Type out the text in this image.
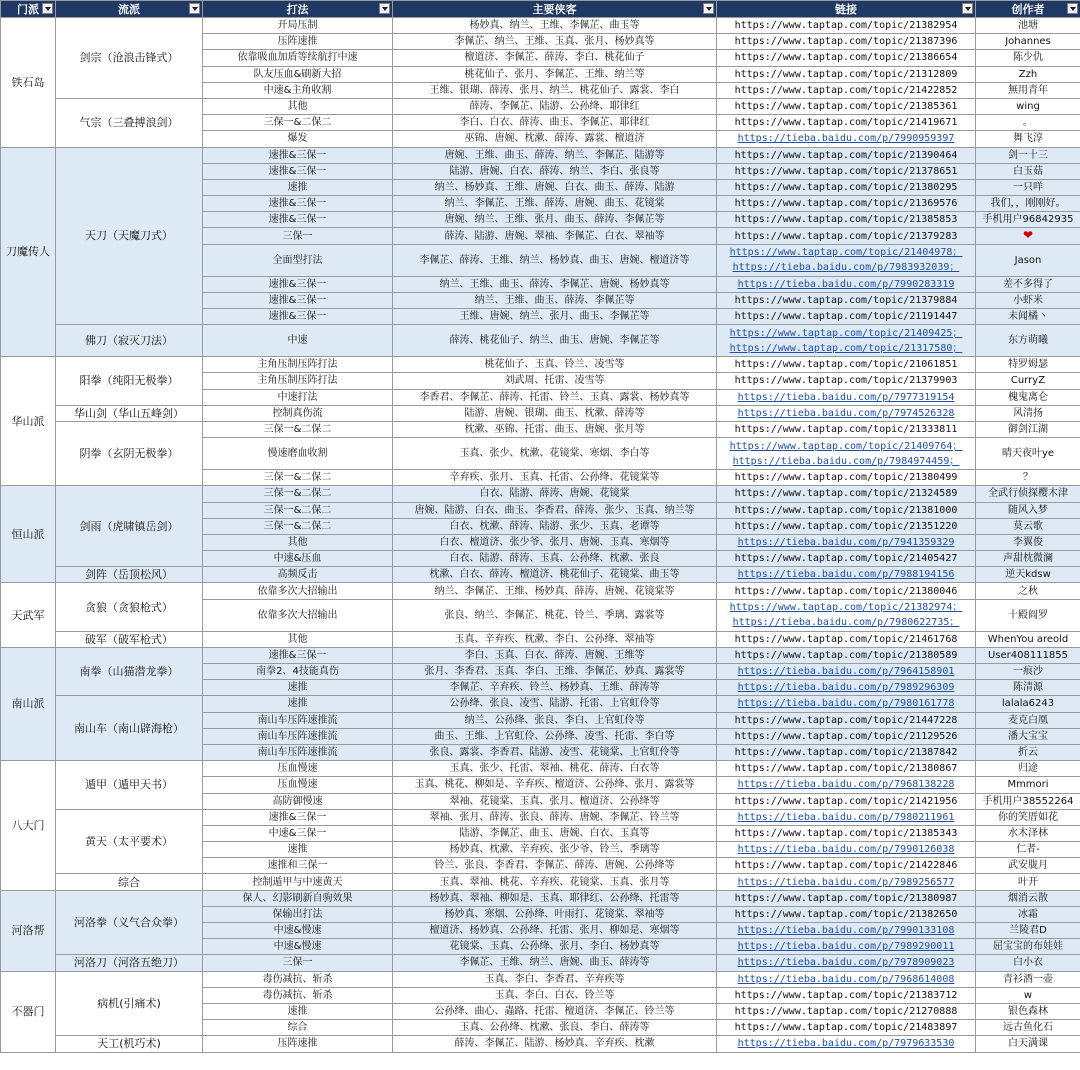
门派	流派	打法	主要侠客	链接	创作者

铁石岛	剑宗（沧浪击锋式）	开局压制	杨妙真、纳兰、王维、李佩芷、曲玉等	https://www.taptap.com/topic/21382954	池塘
		压阵速推	李佩芷、纳兰、王维、玉真、张月、杨妙真等	https://www.taptap.com/topic/21387396	Johannes
		依靠吸血加盾等续航打中速	檀道济、李佩芷、薛涛、李白、桃花仙子	https://www.taptap.com/topic/21386654	陈少仇
		队友压血&刷新大招	桃花仙子、张月、李佩芷、王维、纳兰等	https://www.taptap.com/topic/21312809	Zzh
		中速&主角收割	王维、银瑚、薛涛、张月、纳兰、桃花仙子、露裳、李白	https://www.taptap.com/topic/21422852	無用青年
	气宗（三叠搏浪剑）	其他	薛涛、李佩芷、陆游、公孙绛、耶律红	https://www.taptap.com/topic/21385361	wing
		三保一&二保二	李白、白衣、薛涛、曲玉、李佩芷、耶律红	https://www.taptap.com/topic/21419671	。
		爆发	巫锦、唐婉、枕漱、薛涛、露裳、檀道济	https://tieba.baidu.com/p/7990959397	舞飞淳
刀魔传人	天刀（天魔刀式）	速推&三保一	唐婉、王维、曲玉、薛涛、纳兰、李佩芷、陆游等	https://www.taptap.com/topic/21390464	剑一十三
		速推&三保一	陆游、唐婉、白衣、薛涛、纳兰、李白、张良等	https://www.taptap.com/topic/21378651	白玉菇
		速推	纳兰、杨妙真、王维、唐婉、白衣、曲玉、薛涛、陆游	https://www.taptap.com/topic/21380295	一只咩
		速推&三保一	纳兰、李佩芷、王维、薛涛、唐婉、曲玉、花镜棠	https://www.taptap.com/topic/21369576	我们，，刚刚好。
		速推&三保一	唐婉、纳兰、王维、张月、曲玉、薛涛、李佩芷等	https://www.taptap.com/topic/21385853	手机用户96842935
		三保一	薛涛、陆游、唐婉、翠袖、李佩芷、白衣、翠袖等	https://www.taptap.com/topic/21379283	❤
		全面型打法	李佩芷、薛涛、王维、纳兰、杨妙真、曲玉、唐婉、檀道济等	https://www.taptap.com/topic/21404978；
https://tieba.baidu.com/p/7983932039；	Jason
		速推&三保一	纳兰、王维、曲玉、薛涛、李佩芷、唐婉、杨妙真等	https://tieba.baidu.com/p/7990283319	差不多得了
		速推&三保一	纳兰、王维、曲玉、薛涛、李佩芷等	https://www.taptap.com/topic/21379884	小虾米
		速推&三保一	王维、唐婉、纳兰、张月、曲玉、李佩芷等	https://www.taptap.com/topic/21191447	未闻橘丶
	佛刀（寂灭刀法）	中速	薛涛、桃花仙子、纳兰、曲玉、唐婉、李佩芷等	https://www.taptap.com/topic/21409425；
https://www.taptap.com/topic/21317580；	东方萌曦
华山派	阳拳（纯阳无极拳）	主角压制压阵打法	桃花仙子、玉真、铃兰、凌雪等	https://www.taptap.com/topic/21061851	特罗姆瑟
		主角压制压阵打法	刘武周、托雷、凌雪等	https://www.taptap.com/topic/21379903	CurryZ
		中速打法	李香君、李佩芷、薛涛、托雷、铃兰、玉真、露裳、杨妙真等	https://tieba.baidu.com/p/7977319154	槐鬼离仑
	华山剑（华山五峰剑）	控制真伤流	陆游、唐婉、银瑚、曲玉、枕漱、薛涛等	https://tieba.baidu.com/p/7974526328	风清扬
	阴拳（玄阴无极拳）	三保一&二保二	枕漱、巫锦、托雷、曲玉、唐婉、张月等	https://www.taptap.com/topic/21333811	御剑江湖
		慢速磨血收割	玉真、张少、枕漱、花镜棠、寒烟、李白等	https://www.taptap.com/topic/21409764；
https://tieba.baidu.com/p/7984974459；	晴天夜叶ye
		三保一&二保二	辛弃疾、张月、玉真、托雷、公孙绛、花镜棠等	https://www.taptap.com/topic/21380499	？
恒山派	剑雨（虎啸镇岳剑）	三保一&二保二	白衣、陆游、薛涛、唐婉、花镜棠	https://www.taptap.com/topic/21324589	全武行侦探樱木津
		三保一&二保二	唐婉、陆游、白衣、曲玉、李香君、薛涛、张少、玉真、纳兰等	https://www.taptap.com/topic/21381000	随风入梦
		三保一&二保二	白衣、枕漱、薛涛、陆游、张少、玉真、老谭等	https://www.taptap.com/topic/21351220	莫云歌
		其他	白衣、檀道济、张少爷、张月、唐婉、玉真、寒烟等	https://tieba.baidu.com/p/7941359329	李翼俊
		中速&压血	白衣、陆游、薛涛、玉真、公孙绛、枕漱、张良	https://www.taptap.com/topic/21405427	声甜枕微澜
	剑阵（岳顶松风）	高频反击	枕漱、白衣、薛涛、檀道济、桃花仙子、花镜棠、曲玉等	https://tieba.baidu.com/p/7988194156	逆天kdsw
天武军	贪狼（贪狼枪式）	依靠多次大招输出	纳兰、李佩芷、王维、杨妙真、薛涛、唐婉、花镜棠等	https://www.taptap.com/topic/21380046	之秋
		依靠多次大招输出	张良、纳兰、李佩芷、桃花、铃兰、季璃、露裳等	https://www.taptap.com/topic/21382974；
https://tieba.baidu.com/p/7980622735；	十殿阎罗
	破军（破军枪式）	其他	玉真、辛弃疾、枕漱、李白、公孙绛、翠袖等	https://www.taptap.com/topic/21461768	WhenYou areold
南山派	南拳（山猫潜龙拳）	速推&三保一	李白、玉真、白衣、薛涛、唐婉、王维等	https://www.taptap.com/topic/21380589	User408111855
		南拳2、4技能真伤	张月、李香君、玉真、李白、王维、李佩芷、妙真、露裳等	https://tieba.baidu.com/p/7964158901	一痕沙
		速推	李佩芷、辛弃疾、铃兰、杨妙真、王维、薛涛等	https://tieba.baidu.com/p/7989296309	陈清源
	南山车（南山辟海枪）	速推	公孙绛、张良、凌雪、陆游、托雷、上官虹伶等	https://tieba.baidu.com/p/7980161778	lalala6243
		南山车压阵速推流	纳兰、公孙绛、张良、李白、上官虹伶等	https://www.taptap.com/topic/21447228	麦克白凰
		南山车压阵速推流	曲玉、王维、上官虹伶、公孙绛、凌雪、托雷、李白等	https://www.taptap.com/topic/21129526	潘大宝宝
		南山车压阵速推流	张良、露裳、李香君、陆游、凌雪、花镜棠、上官虹伶等	https://www.taptap.com/topic/21387842	折云
八大门	遁甲（遁甲天书）	压血慢速	玉真、张少、托雷、翠袖、桃花、薛涛、白衣等	https://www.taptap.com/topic/21380867	归途
		压血慢速	玉真、桃花、柳如是、辛弃疾、檀道济、公孙绛、张月、露裳等	https://tieba.baidu.com/p/7968138228	Mmmori
		高防御慢速	翠袖、花镜棠、玉真、张月、檀道济、公孙绛等	https://www.taptap.com/topic/21421956	手机用户38552264
	黄天（太平要术）	速推&三保一	翠袖、张月、薛涛、张良、薛涛、唐婉、李佩芷、铃兰等	https://tieba.baidu.com/p/7980211961	你的笑厝如花
		中速&三保一	陆游、李佩芷、曲玉、唐婉、白衣、玉真等	https://www.taptap.com/topic/21385343	水木泽林
		速推	杨妙真、枕漱、辛弃疾、张少爷、铃兰、季璃等	https://tieba.baidu.com/p/7990126038	仁者-
		速推和三保一	铃兰、张良、李香君、李佩芷、薛涛、唐婉、公孙绛等	https://www.taptap.com/topic/21422846	武安胧月
	综合	控制遁甲与中速黄天	玉真、翠袖、桃花、辛弃疾、花镜棠、玉真、张月等	https://tieba.baidu.com/p/7989256577	叶开
河洛帮	河洛拳（义气合众拳）	保人、幻影刷新自驹效果	杨妙真、翠袖、柳如是、玉真、耶律红、公孙绛、托雷等	https://www.taptap.com/topic/21380987	烟消云散
		保输出打法	杨妙真、寒烟、公孙绛、叶雨打、花镜棠、翠袖等	https://www.taptap.com/topic/21382650	冰霜
		中速&慢速	檀道济、杨妙真、公孙绛、托雷、张月、柳如是、寒烟等	https://tieba.baidu.com/p/7990133108	兰陵君D
		中速&慢速	花镜棠、玉真、公孙绛、张月、李白、杨妙真等	https://tieba.baidu.com/p/7989290011	屈宝宝的布娃娃
	河洛刀（河洛五绝刀）	三保一	李佩芷、王维、纳兰、唐婉、曲玉、薛涛等	https://tieba.baidu.com/p/7978909023	白小衣
不器门	病机(引痛术)	毒伤减抗、斩杀	玉真、李白、李香君、辛弃疾等	https://tieba.baidu.com/p/7968614008	青衫酒一壶
		毒伤减抗、斩杀	玉真、李白、白衣、铃兰等	https://www.taptap.com/topic/21383712	w
		速推	公孙绛、曲心、蟲路、托雷、檀道济、李佩芷、铃兰等	https://www.taptap.com/topic/21270888	银色森林
		综合	玉真、公孙绛、枕漱、张良、李白、薛涛等	https://www.taptap.com/topic/21483897	远古鱼化石
	天工(机巧术)	压阵速推	薛涛、李佩芷、陆游、杨妙真、辛弃疾、枕漱	https://tieba.baidu.com/p/7979633530	白天满课
